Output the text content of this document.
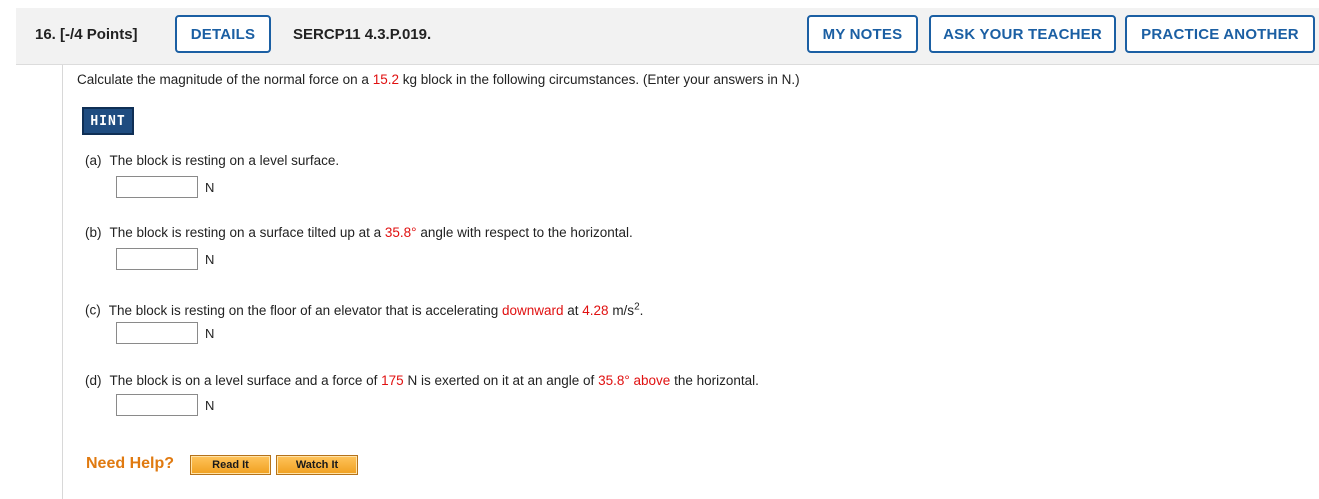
16. [-/4 Points]	DETAILS	SERCP11 4.3.P.019.	MY NOTES	ASK YOUR TEACHER	PRACTICE ANOTHER
Calculate the magnitude of the normal force on a 15.2 kg block in the following circumstances. (Enter your answers in N.)
HINT
(a) The block is resting on a level surface.
N
(b) The block is resting on a surface tilted up at a 35.8° angle with respect to the horizontal.
N
(c) The block is resting on the floor of an elevator that is accelerating downward at 4.28 $m/s^2$.
N
(d) The block is on a level surface and a force of 175 N is exerted on it at an angle of 35.8° above the horizontal.
N
Need Help?	Read It	Watch It
